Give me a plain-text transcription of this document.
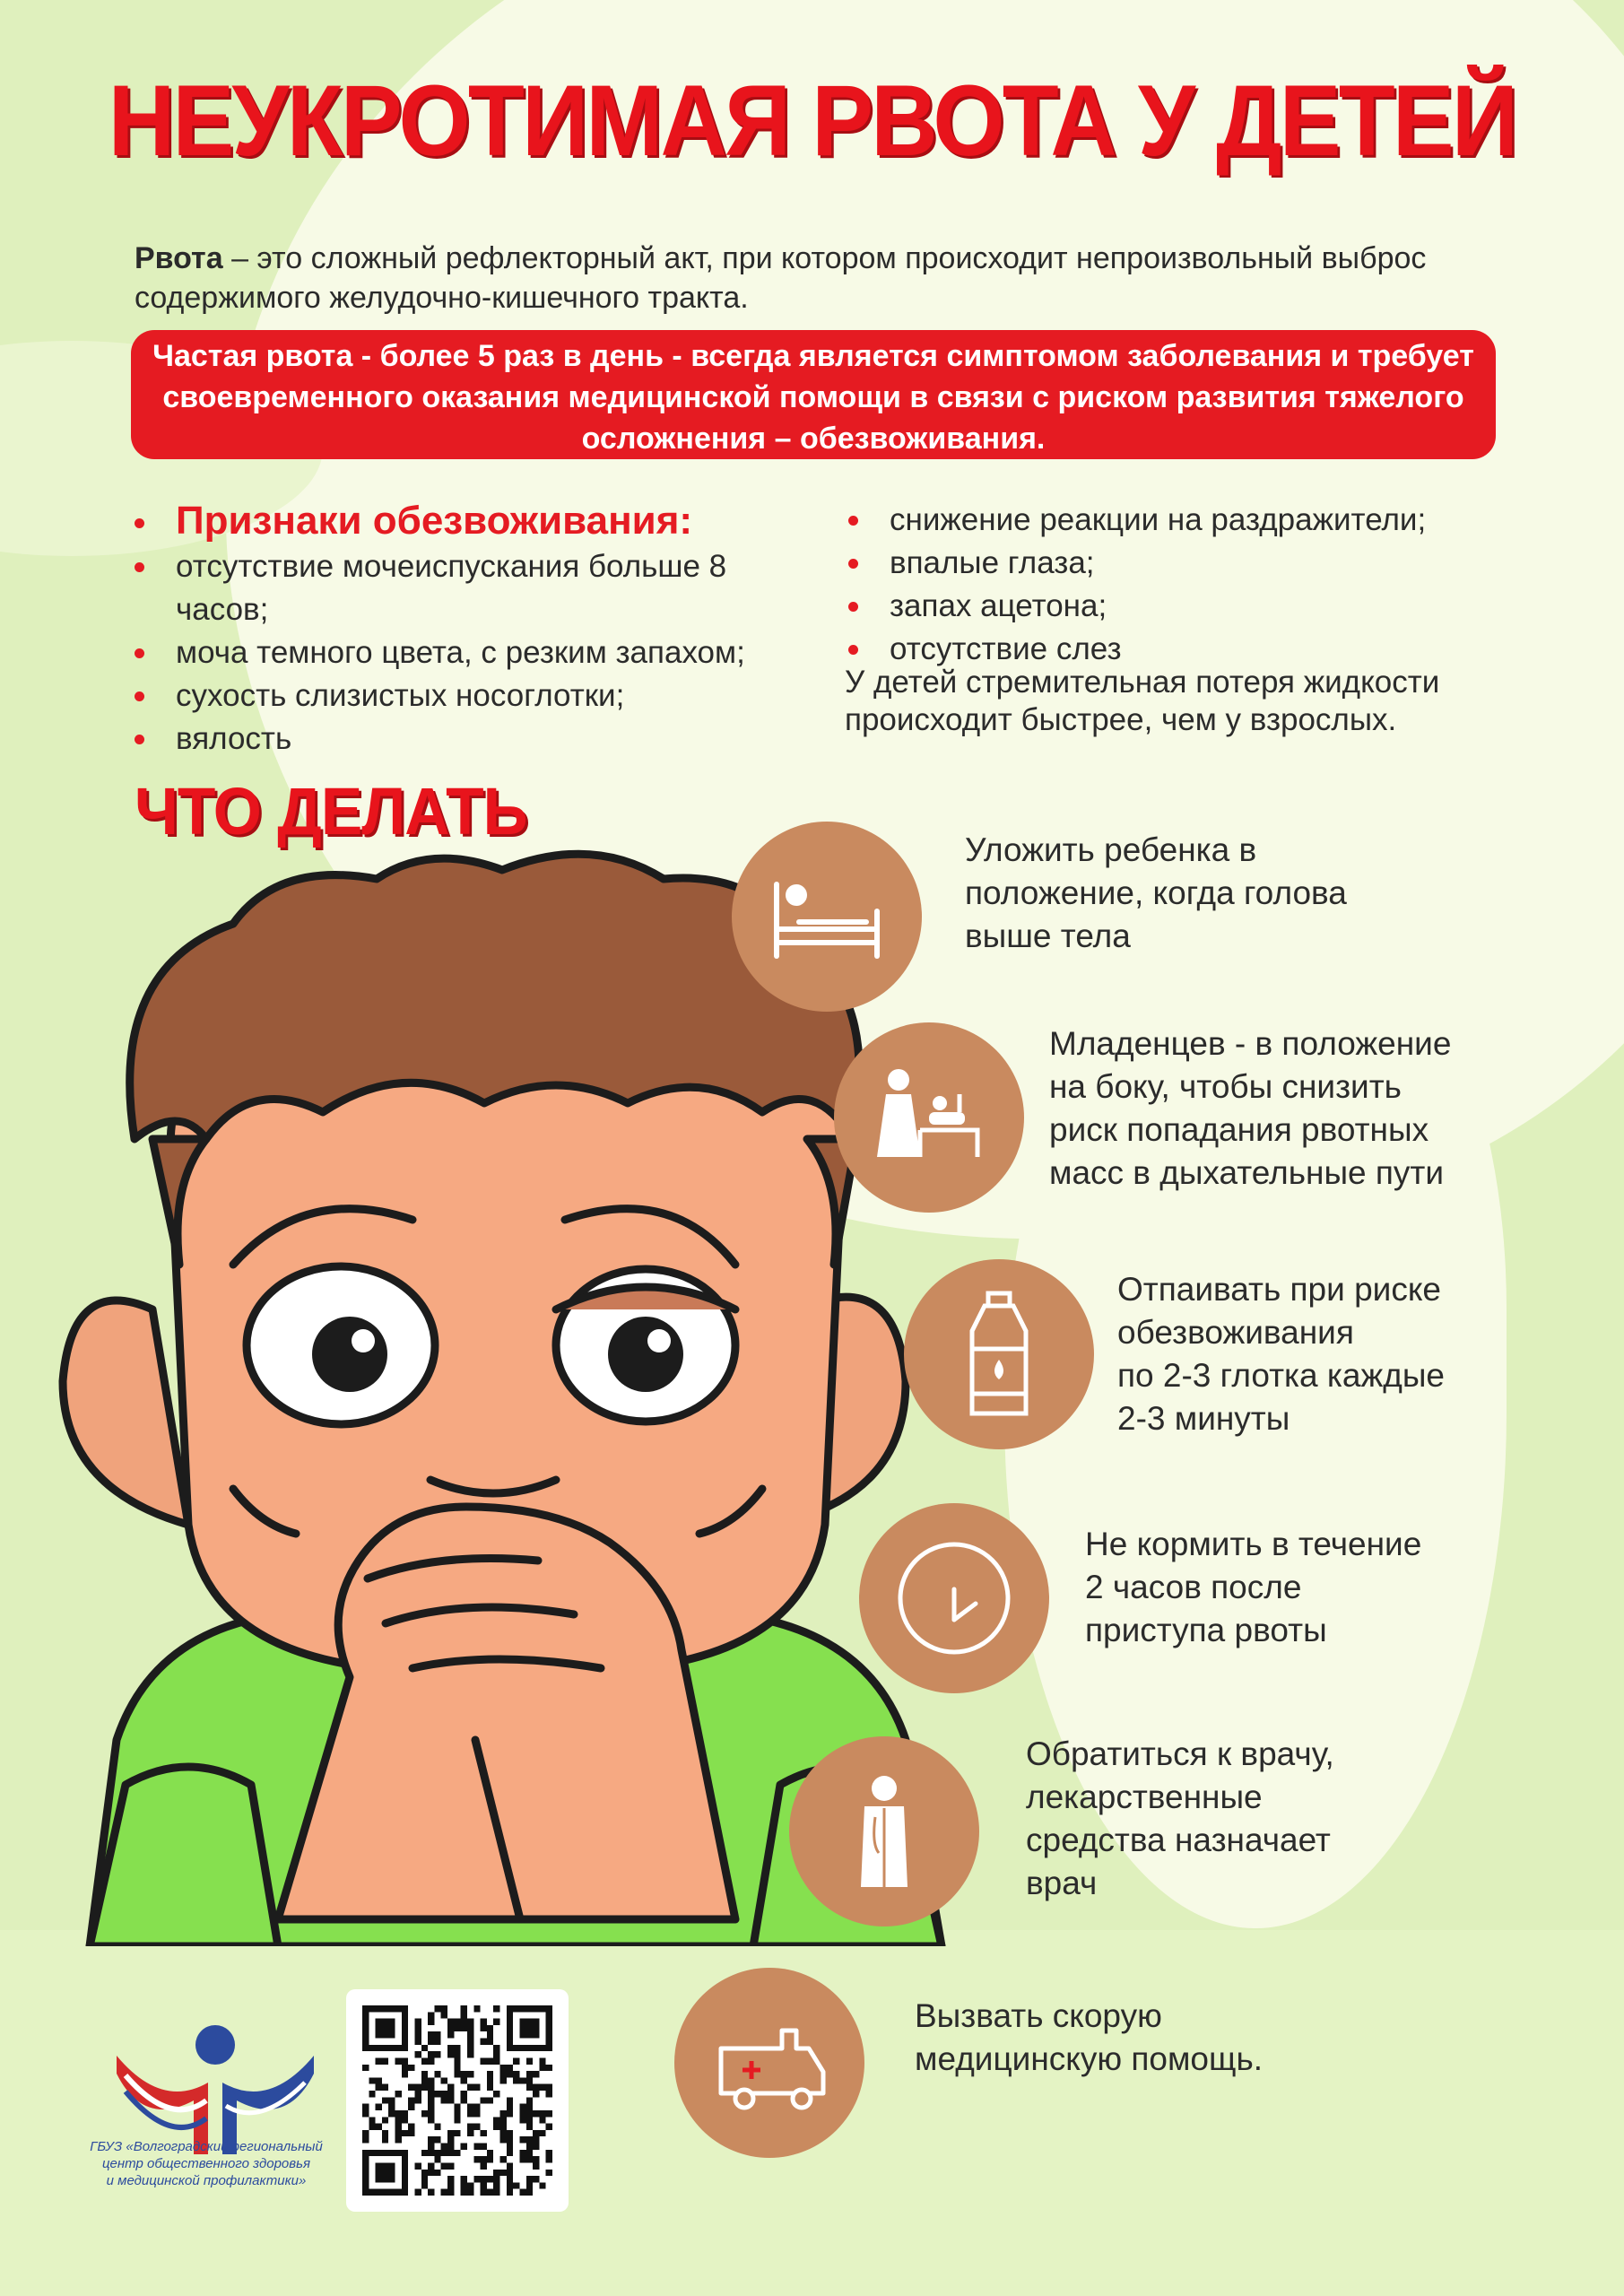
НЕУКРОТИМАЯ РВОТА У ДЕТЕЙ
Рвота – это сложный рефлекторный акт, при котором происходит непроизвольный выброс содержимого желудочно-кишечного тракта.
Частая рвота - более 5 раз в день - всегда является симптомом заболевания и требует своевременного оказания медицинской помощи в связи с риском развития тяжелого осложнения – обезвоживания.
Признаки обезвоживания:
отсутствие мочеиспускания больше 8 часов;
моча темного цвета, с резким запахом;
сухость слизистых носоглотки;
вялость
снижение реакции на раздражители;
впалые глаза;
запах ацетона;
отсутствие слез
У детей стремительная потеря жидкости происходит быстрее, чем у взрослых.
ЧТО ДЕЛАТЬ
Уложить ребенка в
положение, когда голова
выше тела
Младенцев - в положение
на боку, чтобы снизить
риск попадания рвотных
масс в дыхательные пути
Отпаивать при риске
обезвоживания
по 2-3 глотка каждые
2-3 минуты
Не кормить в течение
2 часов после
приступа рвоты
Обратиться к врачу,
лекарственные
средства назначает
врач
Вызвать скорую
медицинскую помощь.
ГБУЗ «Волгоградский региональный
центр общественного здоровья
и медицинской профилактики»
